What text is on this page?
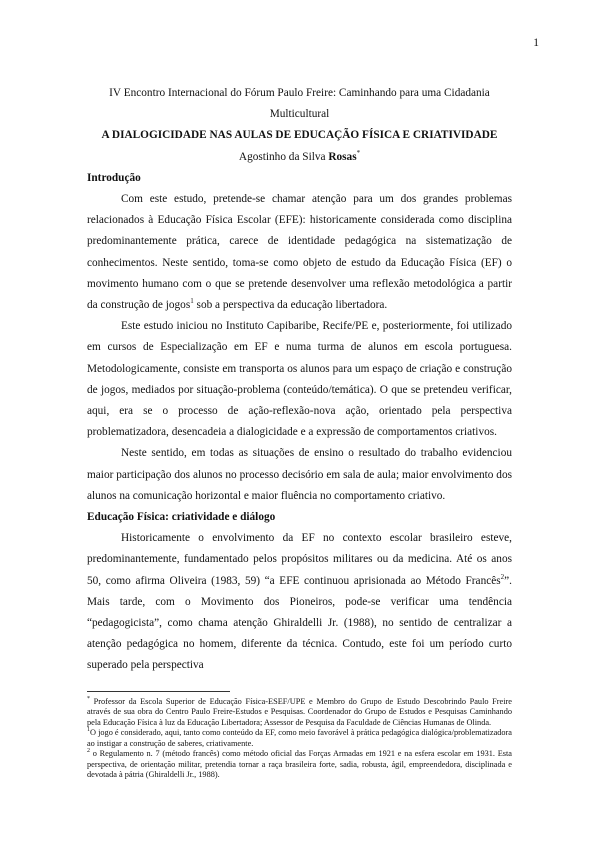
1
IV Encontro Internacional do Fórum Paulo Freire: Caminhando para uma Cidadania
Multicultural
A DIALOGICIDADE NAS AULAS DE EDUCAÇÃO FÍSICA E CRIATIVIDADE
Agostinho da Silva Rosas*
Introdução

Com este estudo, pretende-se chamar atenção para um dos grandes problemas relacionados à Educação Física Escolar (EFE): historicamente considerada como disciplina predominantemente prática, carece de identidade pedagógica na sistematização de conhecimentos. Neste sentido, toma-se como objeto de estudo da Educação Física (EF) o movimento humano com o que se pretende desenvolver uma reflexão metodológica a partir da construção de jogos$^1$ sob a perspectiva da educação libertadora.

Este estudo iniciou no Instituto Capibaribe, Recife/PE e, posteriormente, foi utilizado em cursos de Especialização em EF e numa turma de alunos em escola portuguesa. Metodologicamente, consiste em transporta os alunos para um espaço de criação e construção de jogos, mediados por situação-problema (conteúdo/temática). O que se pretendeu verificar, aqui, era se o processo de ação-reflexão-nova ação, orientado pela perspectiva problematizadora, desencadeia a dialogicidade e a expressão de comportamentos criativos.

Neste sentido, em todas as situações de ensino o resultado do trabalho evidenciou maior participação dos alunos no processo decisório em sala de aula; maior envolvimento dos alunos na comunicação horizontal e maior fluência no comportamento criativo.

Educação Física: criatividade e diálogo

Historicamente o envolvimento da EF no contexto escolar brasileiro esteve, predominantemente, fundamentado pelos propósitos militares ou da medicina. Até os anos 50, como afirma Oliveira (1983, 59) “a EFE continuou aprisionada ao Método Francês$^2$”. Mais tarde, com o Movimento dos Pioneiros, pode-se verificar uma tendência “pedagogicista”, como chama atenção Ghiraldelli Jr. (1988), no sentido de centralizar a atenção pedagógica no homem, diferente da técnica. Contudo, este foi um período curto superado pela perspectiva

* Professor da Escola Superior de Educação Física-ESEF/UPE e Membro do Grupo de Estudo Descobrindo Paulo Freire através de sua obra do Centro Paulo Freire-Estudos e Pesquisas. Coordenador do Grupo de Estudos e Pesquisas Caminhando pela Educação Física à luz da Educação Libertadora; Assessor de Pesquisa da Faculdade de Ciências Humanas de Olinda.

$^1$O jogo é considerado, aqui, tanto como conteúdo da EF, como meio favorável à prática pedagógica dialógica/problematizadora ao instigar a construção de saberes, criativamente.

$^2$ o Regulamento n. 7 (método francês) como método oficial das Forças Armadas em 1921 e na esfera escolar em 1931. Esta perspectiva, de orientação militar, pretendia tornar a raça brasileira forte, sadia, robusta, ágil, empreendedora, disciplinada e devotada à pátria (Ghiraldelli Jr., 1988).
